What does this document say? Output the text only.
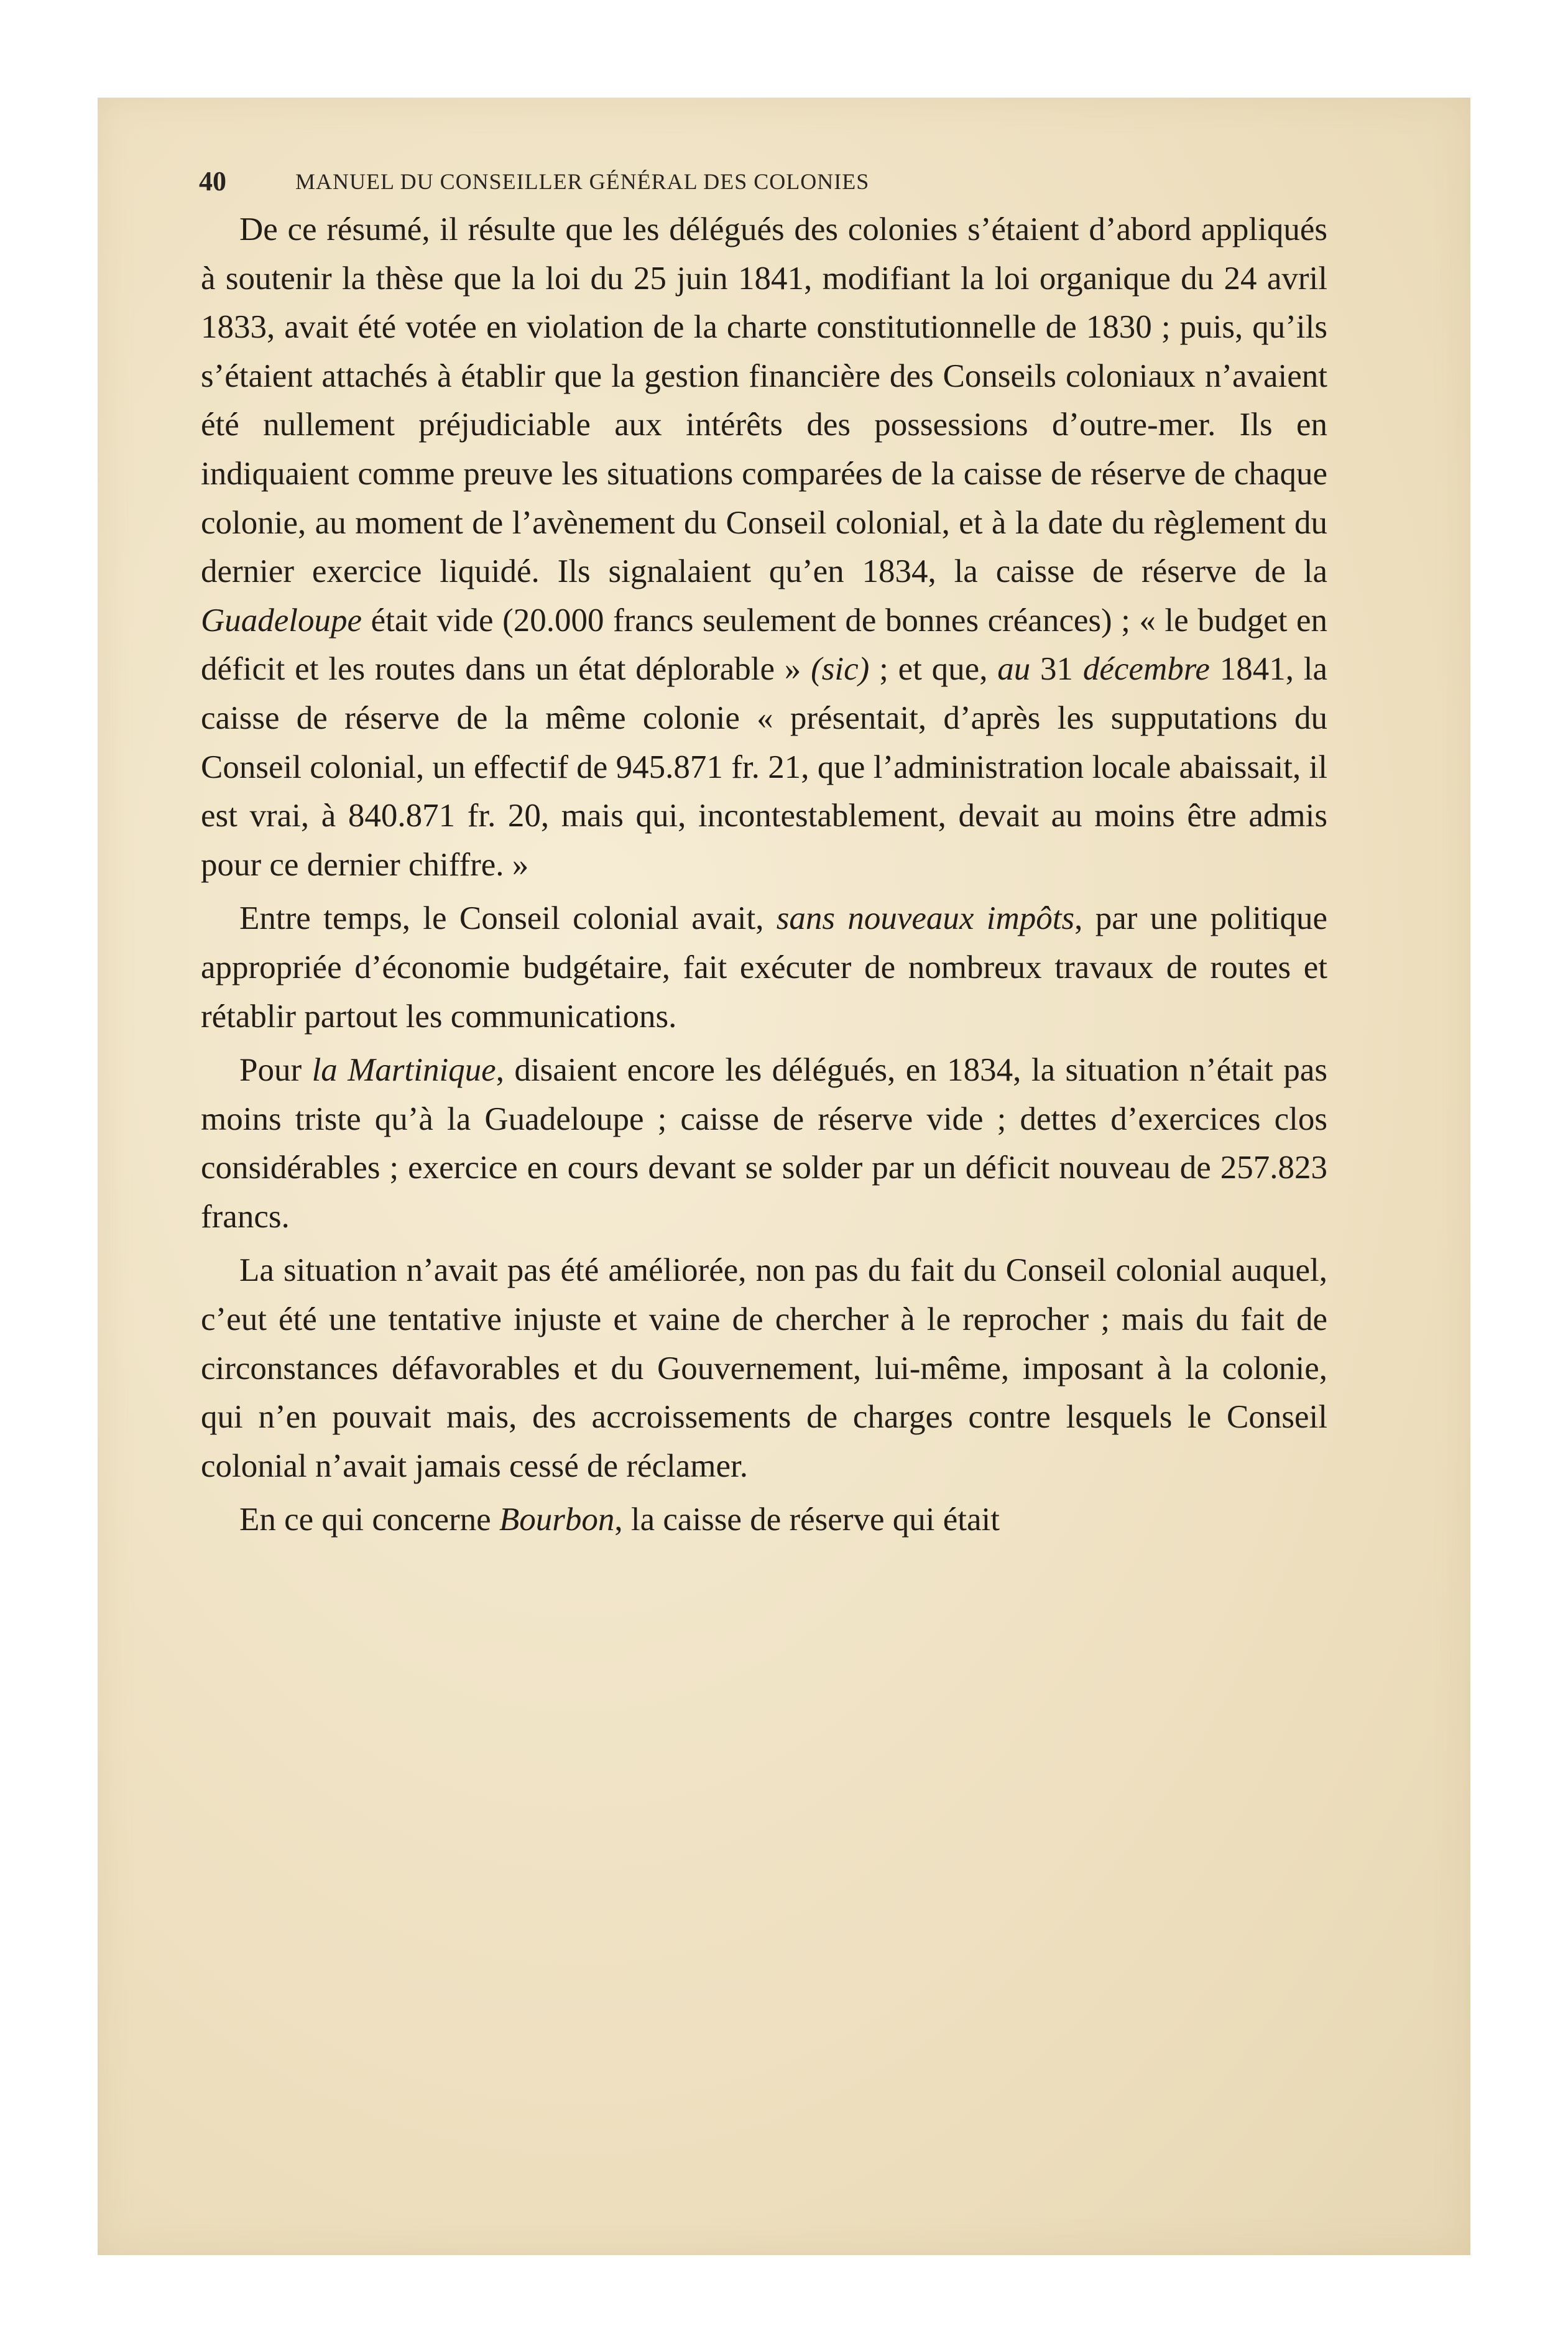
40	MANUEL DU CONSEILLER GÉNÉRAL DES COLONIES

De ce résumé, il résulte que les délégués des colonies s’étaient d’abord appliqués à soutenir la thèse que la loi du 25 juin 1841, modifiant la loi organique du 24 avril 1833, avait été votée en violation de la charte constitutionnelle de 1830 ; puis, qu’ils s’étaient attachés à établir que la gestion financière des Conseils coloniaux n’avaient été nullement préjudiciable aux intérêts des possessions d’outre-mer. Ils en indiquaient comme preuve les situations comparées de la caisse de réserve de chaque colonie, au moment de l’avènement du Conseil colonial, et à la date du règlement du dernier exercice liquidé. Ils signalaient qu’en 1834, la caisse de réserve de la Guadeloupe était vide (20.000 francs seulement de bonnes créances) ; « le budget en déficit et les routes dans un état déplorable » (sic) ; et que, au 31 décembre 1841, la caisse de réserve de la même colonie « présentait, d’après les supputations du Conseil colonial, un effectif de 945.871 fr. 21, que l’administration locale abaissait, il est vrai, à 840.871 fr. 20, mais qui, incontestablement, devait au moins être admis pour ce dernier chiffre. »

Entre temps, le Conseil colonial avait, sans nouveaux impôts, par une politique appropriée d’économie budgétaire, fait exécuter de nombreux travaux de routes et rétablir partout les communications.

Pour la Martinique, disaient encore les délégués, en 1834, la situation n’était pas moins triste qu’à la Guadeloupe ; caisse de réserve vide ; dettes d’exercices clos considérables ; exercice en cours devant se solder par un déficit nouveau de 257.823 francs.

La situation n’avait pas été améliorée, non pas du fait du Conseil colonial auquel, c’eut été une tentative injuste et vaine de chercher à le reprocher ; mais du fait de circonstances défavorables et du Gouvernement, lui-même, imposant à la colonie, qui n’en pouvait mais, des accroissements de charges contre lesquels le Conseil colonial n’avait jamais cessé de réclamer.

En ce qui concerne Bourbon, la caisse de réserve qui était
